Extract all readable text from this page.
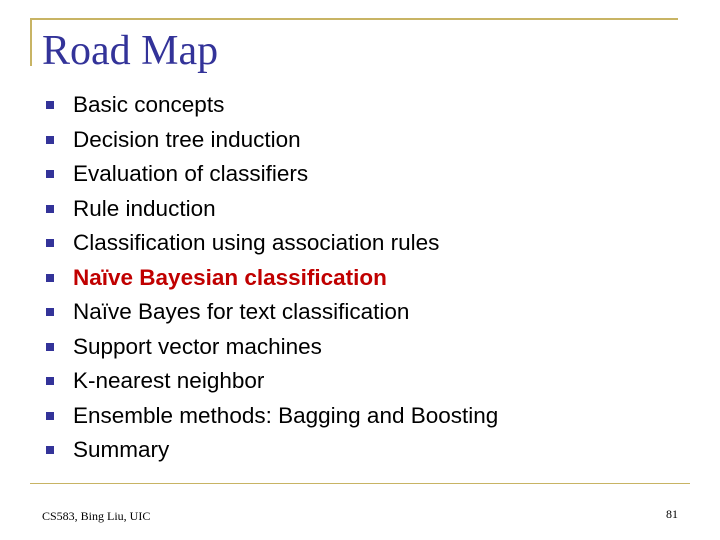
Road Map
Basic concepts
Decision tree induction
Evaluation of classifiers
Rule induction
Classification using association rules
Naïve Bayesian classification
Naïve Bayes for text classification
Support vector machines
K-nearest neighbor
Ensemble methods: Bagging and Boosting
Summary
CS583, Bing Liu, UIC	81
